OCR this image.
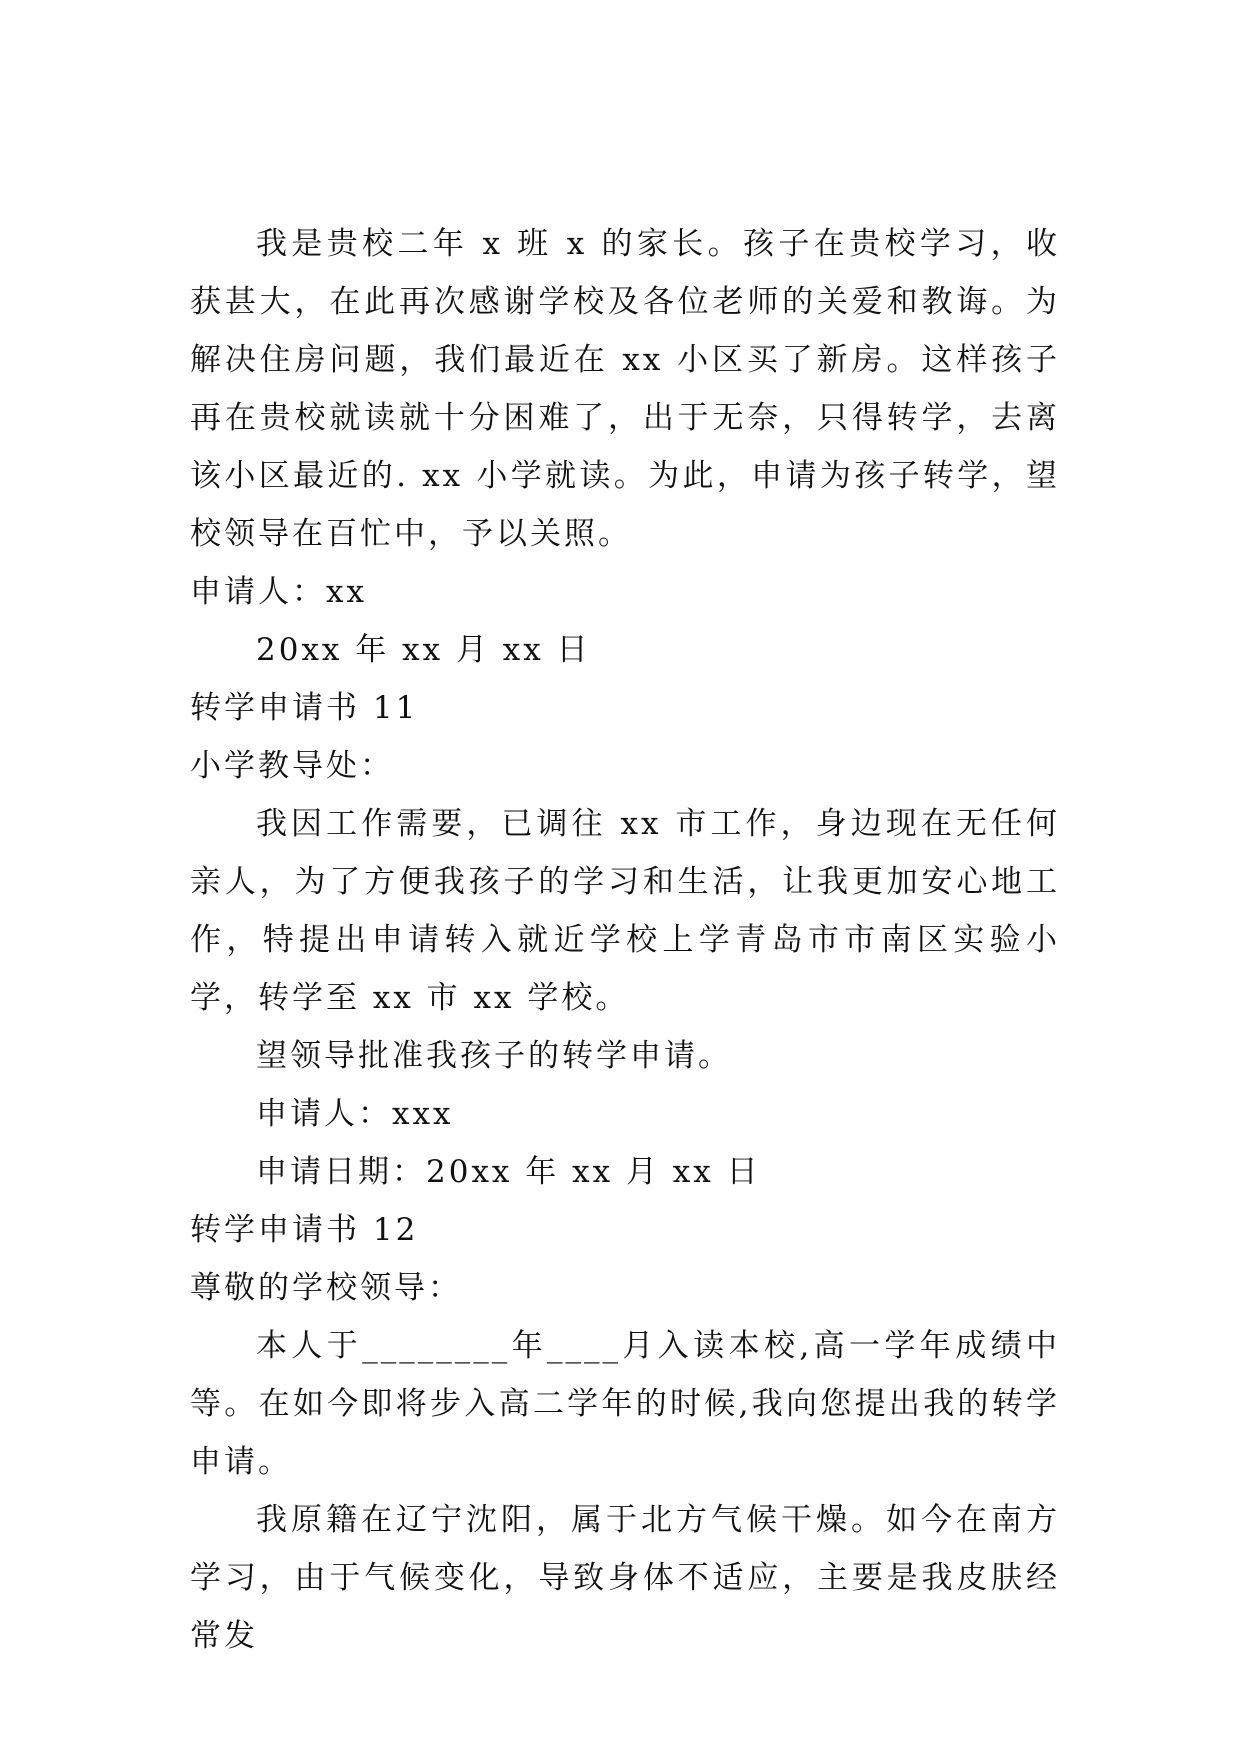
我是贵校二年 x 班 x 的家长。孩子在贵校学习，收获甚大，在此再次感谢学校及各位老师的关爱和教诲。为解决住房问题，我们最近在 xx 小区买了新房。这样孩子再在贵校就读就十分困难了，出于无奈，只得转学，去离该小区最近的. xx 小学就读。为此，申请为孩子转学，望校领导在百忙中，予以关照。
申请人：xx
20xx 年 xx 月 xx 日
转学申请书 11
小学教导处：
我因工作需要，已调往 xx 市工作，身边现在无任何亲人，为了方便我孩子的学习和生活，让我更加安心地工作，特提出申请转入就近学校上学青岛市市南区实验小学，转学至 xx 市 xx 学校。
望领导批准我孩子的转学申请。
申请人：xxx
申请日期：20xx 年 xx 月 xx 日
转学申请书 12
尊敬的学校领导：
本人于________年____月入读本校,高一学年成绩中等。在如今即将步入高二学年的时候,我向您提出我的转学申请。
我原籍在辽宁沈阳，属于北方气候干燥。如今在南方学习，由于气候变化，导致身体不适应，主要是我皮肤经常发
